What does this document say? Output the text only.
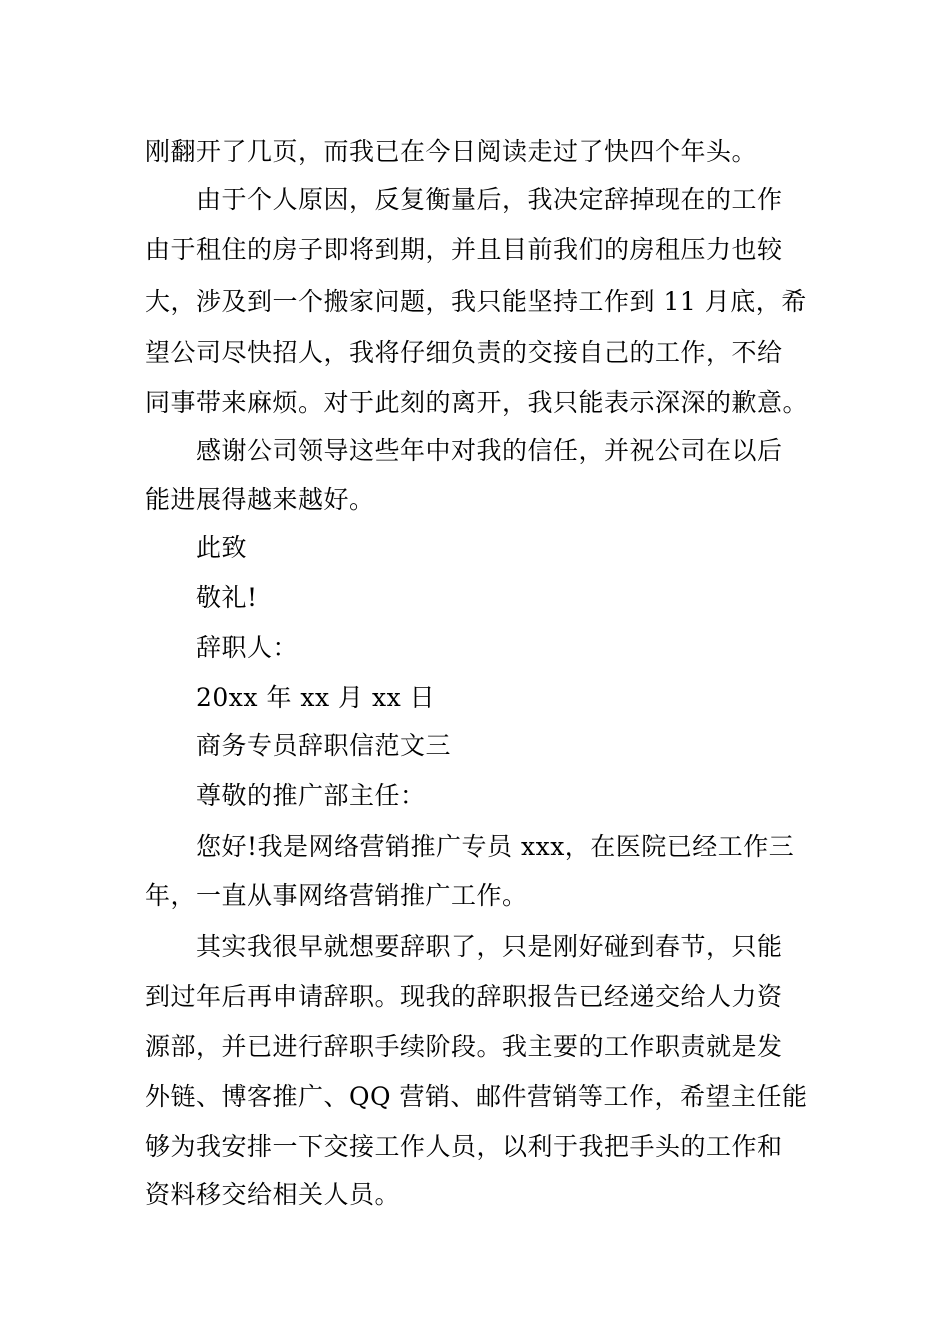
刚翻开了几页，而我已在今日阅读走过了快四个年头。
由于个人原因，反复衡量后，我决定辞掉现在的工作
由于租住的房子即将到期，并且目前我们的房租压力也较
大，涉及到一个搬家问题，我只能坚持工作到 11 月底，希
望公司尽快招人，我将仔细负责的交接自己的工作，不给
同事带来麻烦。对于此刻的离开，我只能表示深深的歉意。
感谢公司领导这些年中对我的信任，并祝公司在以后
能进展得越来越好。
此致
敬礼!
辞职人：
20xx 年 xx 月 xx 日
商务专员辞职信范文三
尊敬的推广部主任：
您好!我是网络营销推广专员 xxx，在医院已经工作三
年，一直从事网络营销推广工作。
其实我很早就想要辞职了，只是刚好碰到春节，只能
到过年后再申请辞职。现我的辞职报告已经递交给人力资
源部，并已进行辞职手续阶段。我主要的工作职责就是发
外链、博客推广、QQ 营销、邮件营销等工作，希望主任能
够为我安排一下交接工作人员，以利于我把手头的工作和
资料移交给相关人员。
